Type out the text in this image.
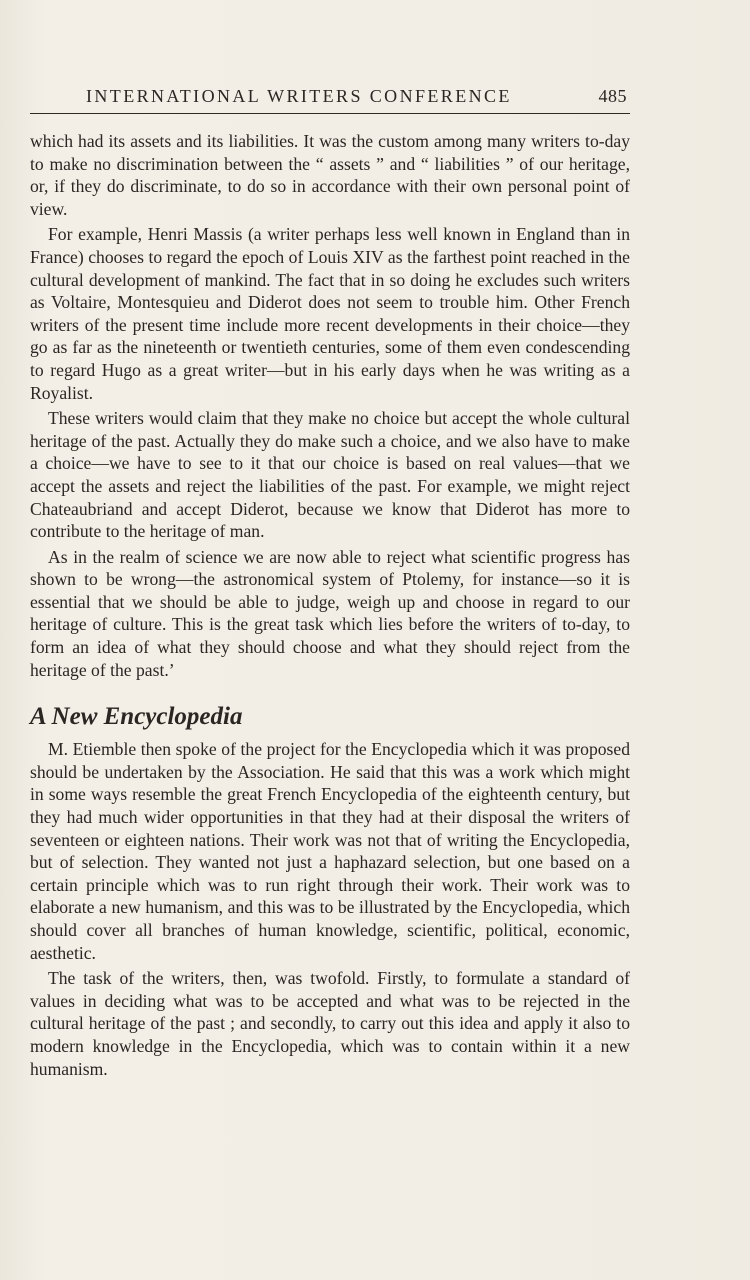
INTERNATIONAL WRITERS CONFERENCE	485

which had its assets and its liabilities. It was the custom among many writers to-day to make no discrimination between the “ assets ” and “ liabilities ” of our heritage, or, if they do discriminate, to do so in accordance with their own personal point of view.

For example, Henri Massis (a writer perhaps less well known in England than in France) chooses to regard the epoch of Louis XIV as the farthest point reached in the cultural development of mankind. The fact that in so doing he excludes such writers as Voltaire, Montesquieu and Diderot does not seem to trouble him. Other French writers of the present time include more recent developments in their choice—they go as far as the nineteenth or twentieth centuries, some of them even condescending to regard Hugo as a great writer—but in his early days when he was writing as a Royalist.

These writers would claim that they make no choice but accept the whole cultural heritage of the past. Actually they do make such a choice, and we also have to make a choice—we have to see to it that our choice is based on real values—that we accept the assets and reject the liabilities of the past. For example, we might reject Chateaubriand and accept Diderot, because we know that Diderot has more to contribute to the heritage of man.

As in the realm of science we are now able to reject what scientific progress has shown to be wrong—the astronomical system of Ptolemy, for instance—so it is essential that we should be able to judge, weigh up and choose in regard to our heritage of culture. This is the great task which lies before the writers of to-day, to form an idea of what they should choose and what they should reject from the heritage of the past.’

A New Encyclopedia

M. Etiemble then spoke of the project for the Encyclopedia which it was proposed should be undertaken by the Association. He said that this was a work which might in some ways resemble the great French Encyclopedia of the eighteenth century, but they had much wider opportunities in that they had at their disposal the writers of seventeen or eighteen nations. Their work was not that of writing the Encyclopedia, but of selection. They wanted not just a haphazard selection, but one based on a certain principle which was to run right through their work. Their work was to elaborate a new humanism, and this was to be illustrated by the Encyclopedia, which should cover all branches of human knowledge, scientific, political, economic, aesthetic.

The task of the writers, then, was twofold. Firstly, to formulate a standard of values in deciding what was to be accepted and what was to be rejected in the cultural heritage of the past ; and secondly, to carry out this idea and apply it also to modern knowledge in the Encyclopedia, which was to contain within it a new humanism.
